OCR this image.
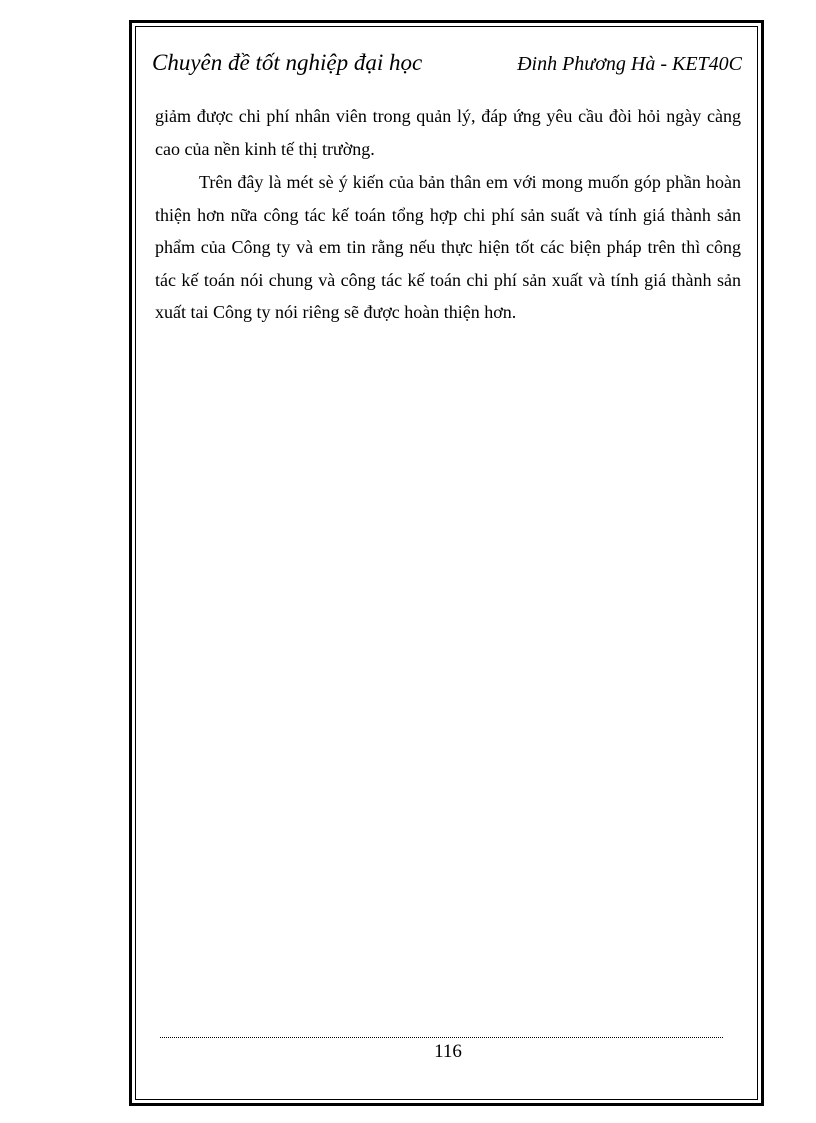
Chuyên đề tốt nghiệp đại học	Đinh Phương Hà - KET40C

giảm được chi phí nhân viên trong quản lý, đáp ứng yêu cầu đòi hỏi ngày càng cao của nền kinh tế thị trường.

Trên đây là mét sè ý kiến của bản thân em với mong muốn góp phần hoàn thiện hơn nữa công tác kế toán tổng hợp chi phí sản suất và tính giá thành sản phẩm của Công ty và em tin rằng nếu thực hiện tốt các biện pháp trên thì công tác kế toán nói chung và công tác kế toán chi phí sản xuất và tính giá thành sản xuất tai Công ty nói riêng sẽ được hoàn thiện hơn.

116
